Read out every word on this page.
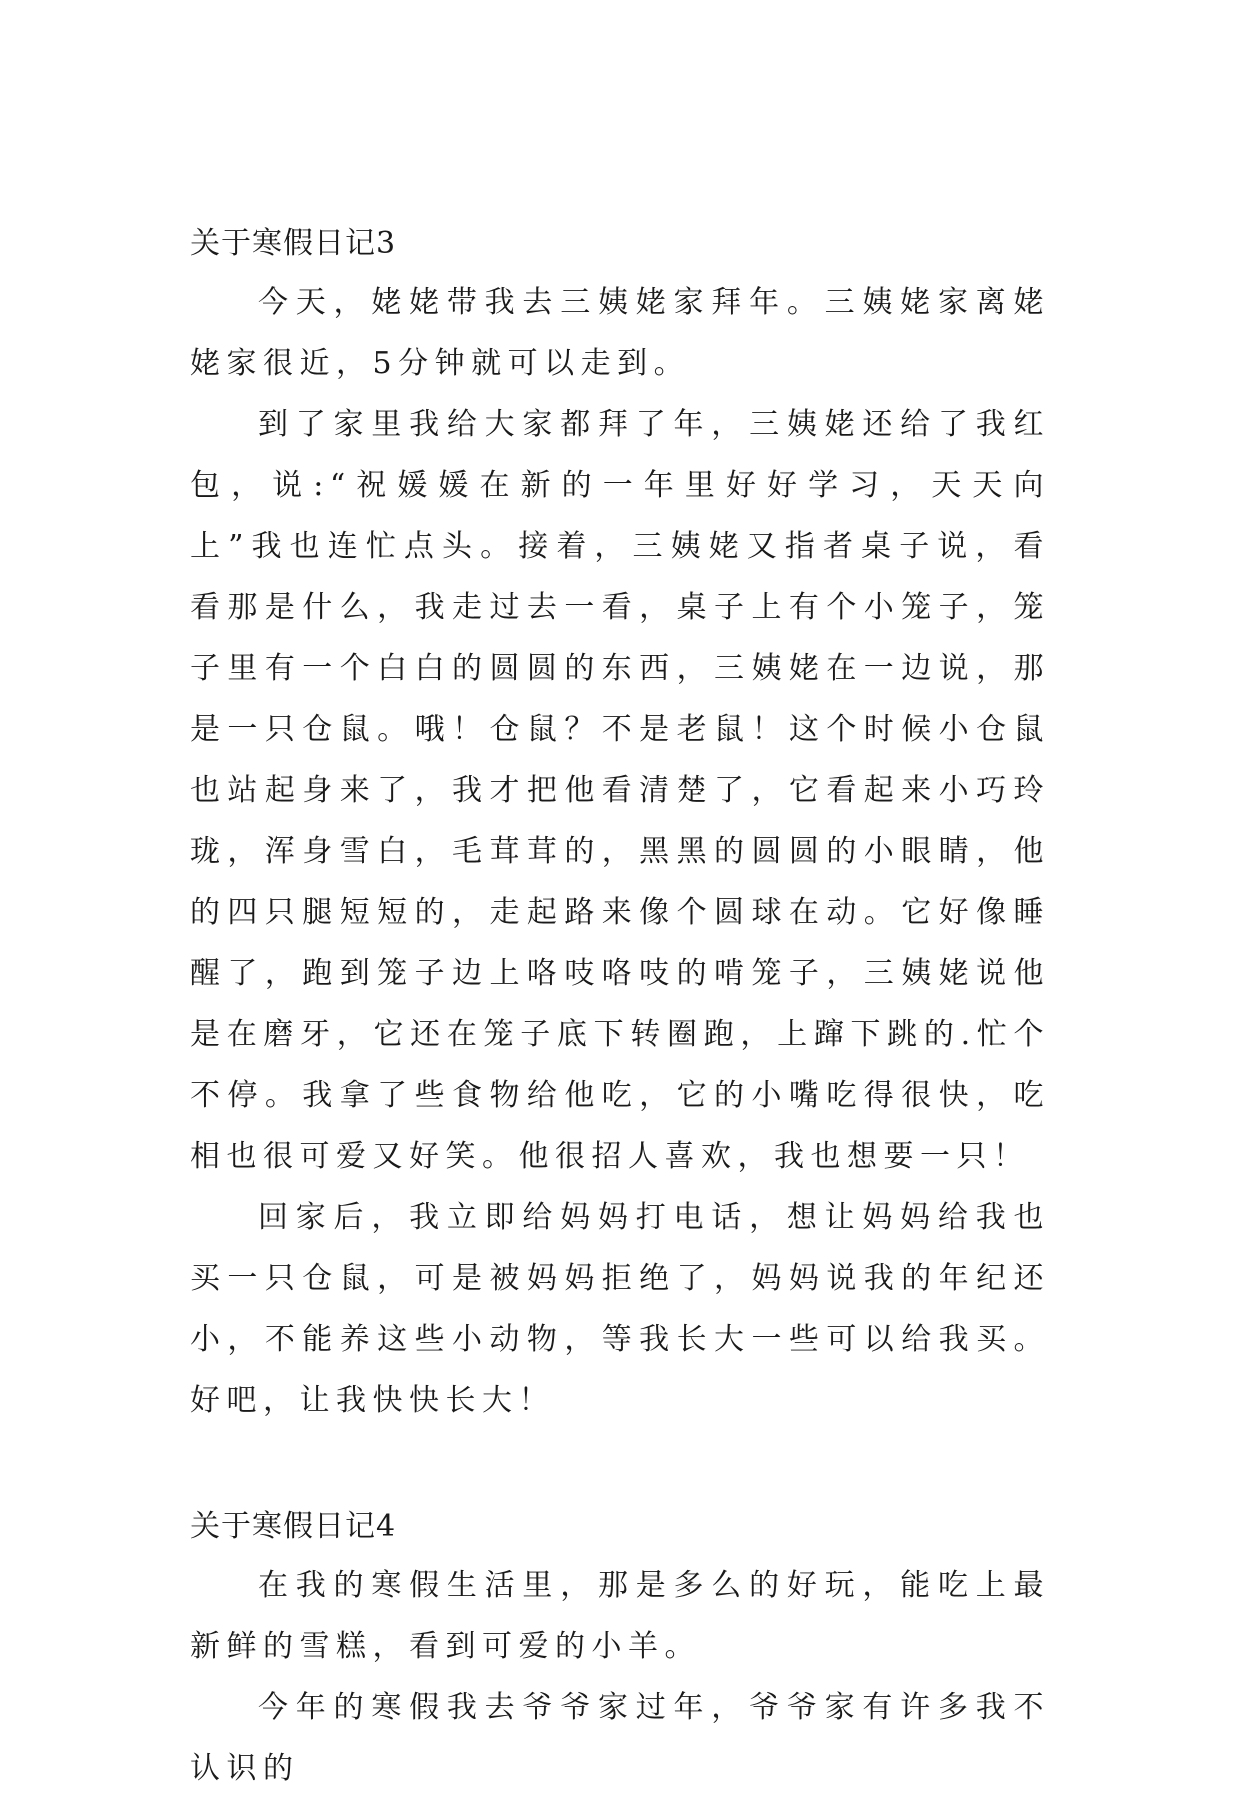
关于寒假日记3

今天，姥姥带我去三姨姥家拜年。三姨姥家离姥姥家很近，5分钟就可以走到。

到了家里我给大家都拜了年，三姨姥还给了我红包，说:“祝媛媛在新的一年里好好学习，天天向上”我也连忙点头。接着，三姨姥又指者桌子说，看看那是什么，我走过去一看，桌子上有个小笼子，笼子里有一个白白的圆圆的东西，三姨姥在一边说，那是一只仓鼠。哦！仓鼠？不是老鼠！这个时候小仓鼠也站起身来了，我才把他看清楚了，它看起来小巧玲珑，浑身雪白，毛茸茸的，黑黑的圆圆的小眼睛，他的四只腿短短的，走起路来像个圆球在动。它好像睡醒了，跑到笼子边上咯吱咯吱的啃笼子，三姨姥说他是在磨牙，它还在笼子底下转圈跑，上蹿下跳的.忙个不停。我拿了些食物给他吃，它的小嘴吃得很快，吃相也很可爱又好笑。他很招人喜欢，我也想要一只！

回家后，我立即给妈妈打电话，想让妈妈给我也买一只仓鼠，可是被妈妈拒绝了，妈妈说我的年纪还小，不能养这些小动物，等我长大一些可以给我买。好吧，让我快快长大！

关于寒假日记4

在我的寒假生活里，那是多么的好玩，能吃上最新鲜的雪糕，看到可爱的小羊。

今年的寒假我去爷爷家过年，爷爷家有许多我不认识的
